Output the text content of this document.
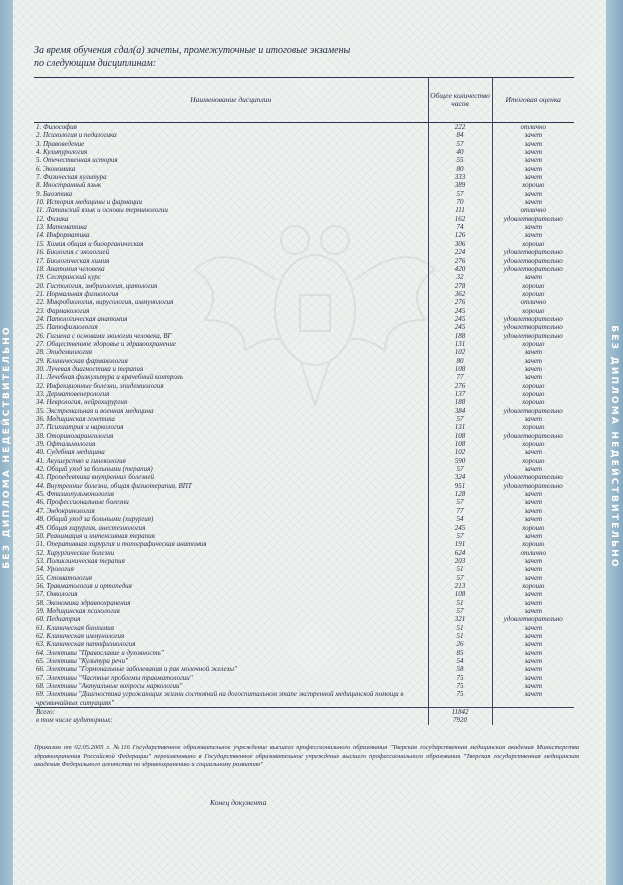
БЕЗ ДИПЛОМА НЕДЕЙСТВИТЕЛЬНО	БЕЗ ДИПЛОМА НЕДЕЙСТВИТЕЛЬНО
За время обучения сдал(а) зачеты, промежуточные и итоговые экзамены
по следующим дисциплинам:
Наименование дисциплин	Общее количество часов	Итоговая оценка
1. Философия	222	отлично
2. Психология и педагогика	84	зачет
3. Правоведение	57	зачет
4. Культурология	40	зачет
5. Отечественная история	55	зачет
6. Экономика	80	зачет
7. Физическая культура	333	зачет
8. Иностранный язык	389	хорошо
9. Биоэтика	57	зачет
10. История медицины и фармации	70	зачет
11. Латинский язык и основы терминологии	111	отлично
12. Физика	162	удовлетворительно
13. Математика	74	зачет
14. Информатика	126	зачет
15. Химия общая и биоорганическая	306	хорошо
16. Биология с экологией	224	удовлетворительно
17. Биологическая химия	276	удовлетворительно
18. Анатомия человека	420	удовлетворительно
19. Сестринский курс	32	зачет
20. Гистология, эмбриология, цитология	278	хорошо
21. Нормальная физиология	362	хорошо
22. Микробиология, вирусология, иммунология	276	отлично
23. Фармакология	245	хорошо
24. Патологическая анатомия	245	удовлетворительно
25. Патофизиология	245	удовлетворительно
26. Гигиена с основами экологии человека, ВГ	188	удовлетворительно
27. Общественное здоровье и здравоохранение	131	хорошо
28. Эпидемиология	102	зачет
29. Клиническая фармакология	80	зачет
30. Лучевая диагностика и терапия	108	зачет
31. Лечебная физкультура и врачебный контроль	77	зачет
32. Инфекционные болезни, эпидемиология	276	хорошо
33. Дерматовенерология	137	хорошо
34. Неврология, нейрохирургия	188	хорошо
35. Экстремальная и военная медицина	384	удовлетворительно
36. Медицинская генетика	57	зачет
37. Психиатрия и наркология	131	хорошо
38. Оториноларингология	108	удовлетворительно
39. Офтальмология	108	хорошо
40. Судебная медицина	102	зачет
41. Акушерство и гинекология	590	хорошо
42. Общий уход за больными (терапия)	57	зачет
43. Пропедевтика внутренних болезней	324	удовлетворительно
44. Внутренние болезни, общая физиотерапия, ВПТ	951	удовлетворительно
45. Фтизиопульмонология	128	зачет
46. Профессиональные болезни	57	зачет
47. Эндокринология	77	зачет
48. Общий уход за больными (хирургия)	54	зачет
49. Общая хирургия, анестезиология	245	хорошо
50. Реанимация и интенсивная терапия	57	зачет
51. Оперативная хирургия и топографическая анатомия	191	хорошо
52. Хирургические болезни	624	отлично
53. Поликлиническая терапия	203	зачет
54. Урология	51	зачет
55. Стоматология	57	зачет
56. Травматология и ортопедия	213	хорошо
57. Онкология	108	зачет
58. Экономика здравоохранения	51	зачет
59. Медицинская психология	57	зачет
60. Педиатрия	321	удовлетворительно
61. Клиническая биохимия	51	зачет
62. Клиническая иммунология	51	зачет
63. Клиническая патофизиология	26	зачет
64. Элективы "Православие и духовность"	85	зачет
65. Элективы "Культура речи"	54	зачет
66. Элективы "Гормональные заболевания и рак молочной железы"	58	зачет
67. Элективы "Частные проблемы травматологии"	75	зачет
68. Элективы "Актуальные вопросы наркологии"	75	зачет
69. Элективы "Диагностика угрожающих жизни состояний на догоспитальном этапе экстренной медицинской помощи в чрезвычайных ситуациях"	75	зачет
Всего:	11842	
в том числе аудиторных:	7920	
Приказом от 02.05.2005 г. №116 Государственное образовательное учреждение высшего профессионального образования "Тверская государственная медицинская академия Министерства здравоохранения Российской Федерации" переименовано в Государственное образовательное учреждение высшего профессионального образования "Тверская государственная медицинская академия Федерального агентства по здравоохранению и социальному развитию"
Конец документа
